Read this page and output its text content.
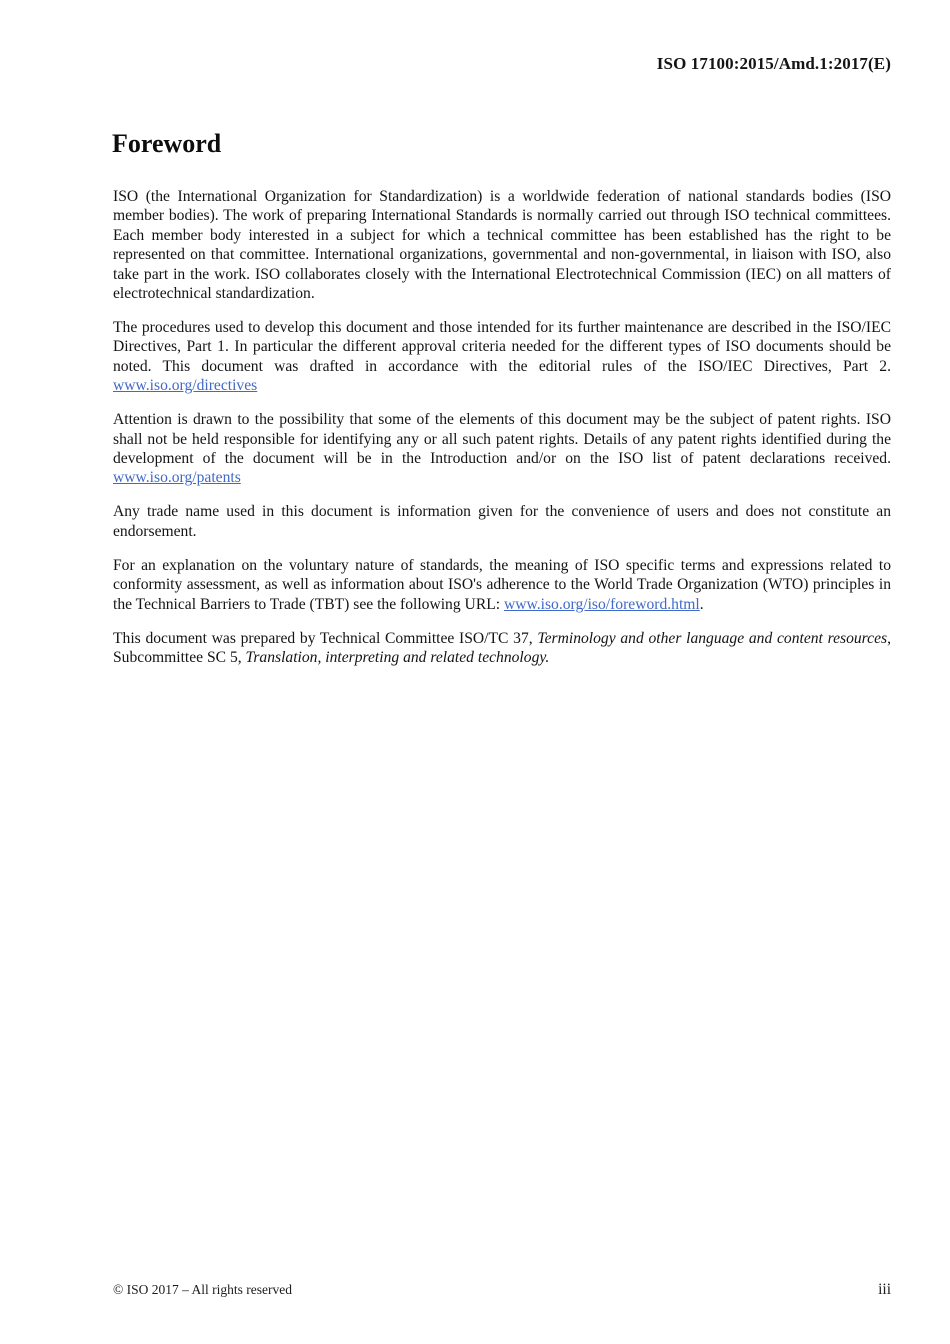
ISO 17100:2015/Amd.1:2017(E)
Foreword

ISO (the International Organization for Standardization) is a worldwide federation of national standards bodies (ISO member bodies). The work of preparing International Standards is normally carried out through ISO technical committees. Each member body interested in a subject for which a technical committee has been established has the right to be represented on that committee. International organizations, governmental and non-governmental, in liaison with ISO, also take part in the work. ISO collaborates closely with the International Electrotechnical Commission (IEC) on all matters of electrotechnical standardization.

The procedures used to develop this document and those intended for its further maintenance are described in the ISO/IEC Directives, Part 1. In particular the different approval criteria needed for the different types of ISO documents should be noted. This document was drafted in accordance with the editorial rules of the ISO/IEC Directives, Part 2. www.iso.org/directives

Attention is drawn to the possibility that some of the elements of this document may be the subject of patent rights. ISO shall not be held responsible for identifying any or all such patent rights. Details of any patent rights identified during the development of the document will be in the Introduction and/or on the ISO list of patent declarations received. www.iso.org/patents

Any trade name used in this document is information given for the convenience of users and does not constitute an endorsement.

For an explanation on the voluntary nature of standards, the meaning of ISO specific terms and expressions related to conformity assessment, as well as information about ISO's adherence to the World Trade Organization (WTO) principles in the Technical Barriers to Trade (TBT) see the following URL: www.iso.org/iso/foreword.html.

This document was prepared by Technical Committee ISO/TC 37, Terminology and other language and content resources, Subcommittee SC 5, Translation, interpreting and related technology.

© ISO 2017 – All rights reserved	iii
